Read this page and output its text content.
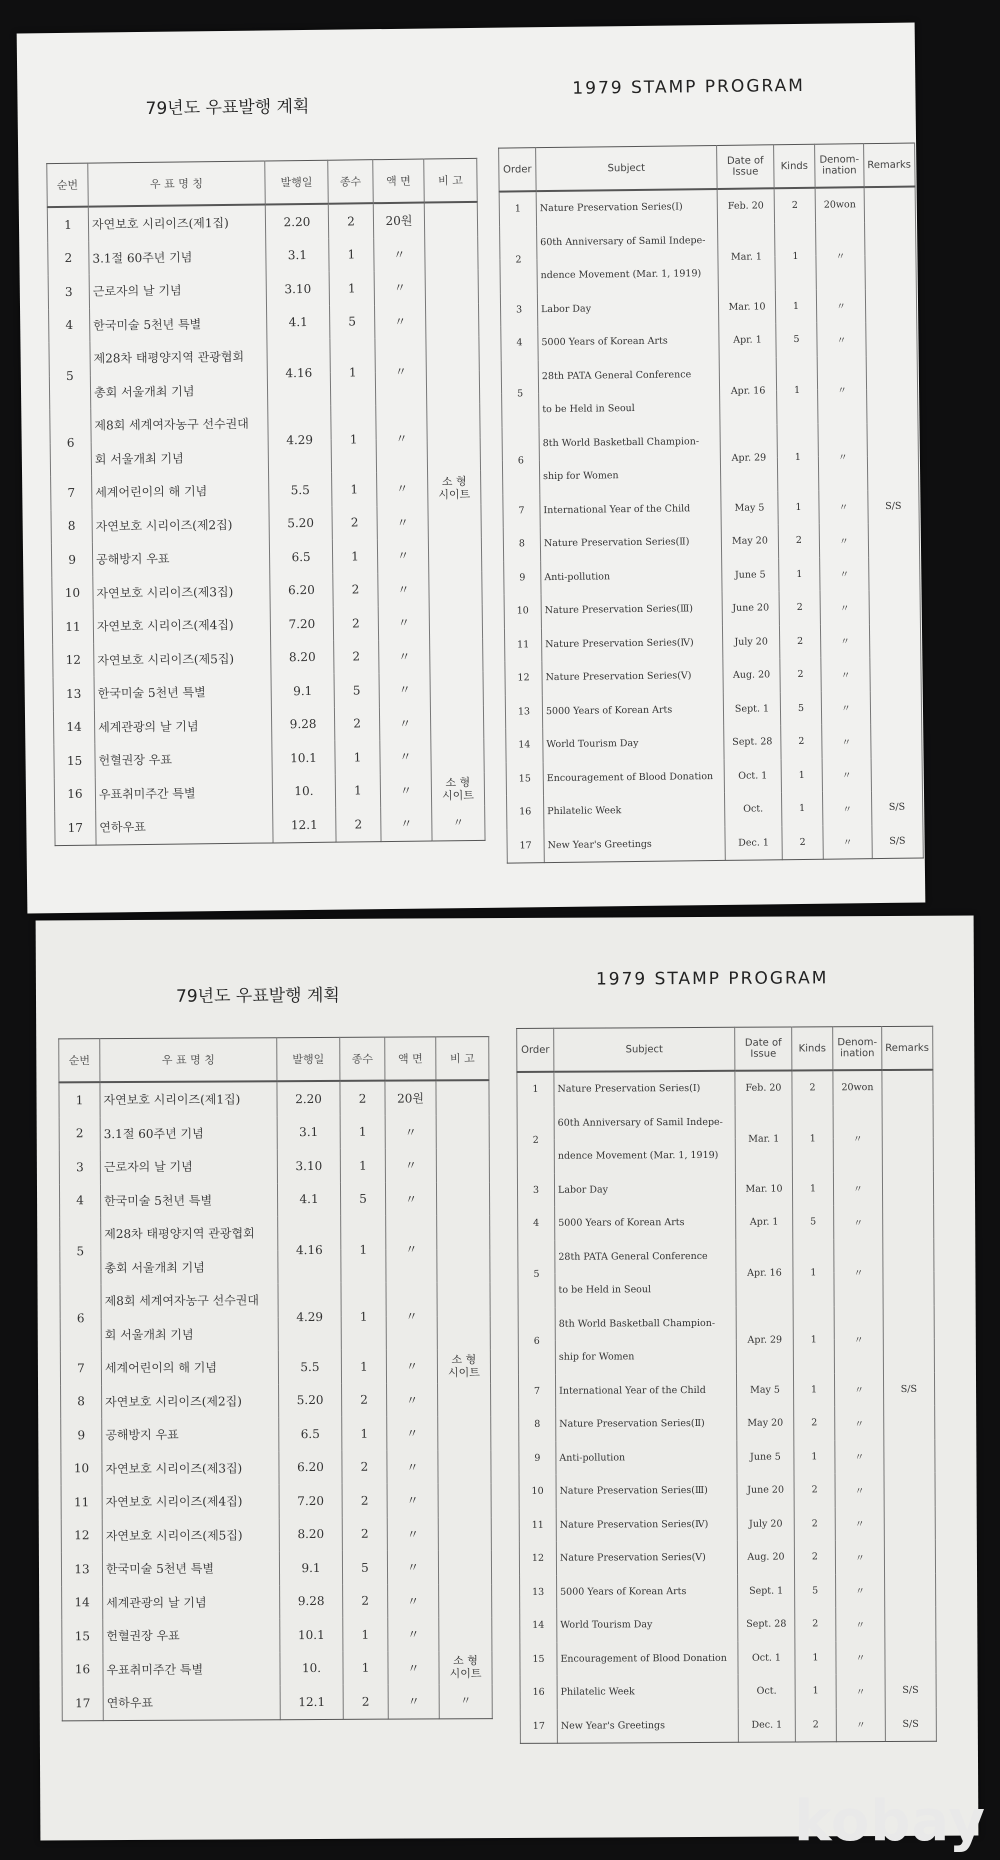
79년도 우표발행 계획
1979 STAMP PROGRAM
순번	우 표 명 칭	발행일	종수	액 면	비 고
1	자연보호 시리이즈(제1집)	2.20	2	20원	

2	3.1절 60주년 기념	3.1	1	〃	

3	근로자의 날 기념	3.10	1	〃	

4	한국미술 5천년 특별	4.1	5	〃	

5	제28차 태평양지역 관광협회	4.16	1	〃	

	총회 서울개최 기념				
6	제8회 세계여자농구 선수권대	4.29	1	〃	

	회 서울개최 기념				
7	세계어린이의 해 기념	5.5	1	〃	소 형
시이트

8	자연보호 시리이즈(제2집)	5.20	2	〃	

9	공해방지 우표	6.5	1	〃	

10	자연보호 시리이즈(제3집)	6.20	2	〃	

11	자연보호 시리이즈(제4집)	7.20	2	〃	

12	자연보호 시리이즈(제5집)	8.20	2	〃	

13	한국미술 5천년 특별	9.1	5	〃	

14	세계관광의 날 기념	9.28	2	〃	

15	헌혈권장 우표	10.1	1	〃	

16	우표취미주간 특별	10.	1	〃	소 형
시이트

17	연하우표	12.1	2	〃	〃
Order	Subject	Date of Issue	Kinds	Denom- ination	Remarks
1	Nature Preservation Series(Ⅰ)	Feb. 20	2	20won	
2	60th Anniversary of Samil Indepe-	Mar. 1	1	〃	
	ndence Movement (Mar. 1, 1919)				
3	Labor Day	Mar. 10	1	〃	
4	5000 Years of Korean Arts	Apr. 1	5	〃	
5	28th PATA General Conference	Apr. 16	1	〃	
	to be Held in Seoul				
6	8th World Basketball Champion-	Apr. 29	1	〃	
	ship for Women				
7	International Year of the Child	May 5	1	〃	S/S
8	Nature Preservation Series(Ⅱ)	May 20	2	〃	
9	Anti-pollution	June 5	1	〃	
10	Nature Preservation Series(Ⅲ)	June 20	2	〃	
11	Nature Preservation Series(Ⅳ)	July 20	2	〃	
12	Nature Preservation Series(Ⅴ)	Aug. 20	2	〃	
13	5000 Years of Korean Arts	Sept. 1	5	〃	
14	World Tourism Day	Sept. 28	2	〃	
15	Encouragement of Blood Donation	Oct. 1	1	〃	
16	Philatelic Week	Oct.	1	〃	S/S
17	New Year's Greetings	Dec. 1	2	〃	S/S
79년도 우표발행 계획
1979 STAMP PROGRAM
순번	우 표 명 칭	발행일	종수	액 면	비 고
1	자연보호 시리이즈(제1집)	2.20	2	20원	

2	3.1절 60주년 기념	3.1	1	〃	

3	근로자의 날 기념	3.10	1	〃	

4	한국미술 5천년 특별	4.1	5	〃	

5	제28차 태평양지역 관광협회	4.16	1	〃	

	총회 서울개최 기념				
6	제8회 세계여자농구 선수권대	4.29	1	〃	

	회 서울개최 기념				
7	세계어린이의 해 기념	5.5	1	〃	소 형
시이트

8	자연보호 시리이즈(제2집)	5.20	2	〃	

9	공해방지 우표	6.5	1	〃	

10	자연보호 시리이즈(제3집)	6.20	2	〃	

11	자연보호 시리이즈(제4집)	7.20	2	〃	

12	자연보호 시리이즈(제5집)	8.20	2	〃	

13	한국미술 5천년 특별	9.1	5	〃	

14	세계관광의 날 기념	9.28	2	〃	

15	헌혈권장 우표	10.1	1	〃	

16	우표취미주간 특별	10.	1	〃	소 형
시이트

17	연하우표	12.1	2	〃	〃
Order	Subject	Date of Issue	Kinds	Denom- ination	Remarks
1	Nature Preservation Series(Ⅰ)	Feb. 20	2	20won	
2	60th Anniversary of Samil Indepe-	Mar. 1	1	〃	
	ndence Movement (Mar. 1, 1919)				
3	Labor Day	Mar. 10	1	〃	
4	5000 Years of Korean Arts	Apr. 1	5	〃	
5	28th PATA General Conference	Apr. 16	1	〃	
	to be Held in Seoul				
6	8th World Basketball Champion-	Apr. 29	1	〃	
	ship for Women				
7	International Year of the Child	May 5	1	〃	S/S
8	Nature Preservation Series(Ⅱ)	May 20	2	〃	
9	Anti-pollution	June 5	1	〃	
10	Nature Preservation Series(Ⅲ)	June 20	2	〃	
11	Nature Preservation Series(Ⅳ)	July 20	2	〃	
12	Nature Preservation Series(Ⅴ)	Aug. 20	2	〃	
13	5000 Years of Korean Arts	Sept. 1	5	〃	
14	World Tourism Day	Sept. 28	2	〃	
15	Encouragement of Blood Donation	Oct. 1	1	〃	
16	Philatelic Week	Oct.	1	〃	S/S
17	New Year's Greetings	Dec. 1	2	〃	S/S
kobay
